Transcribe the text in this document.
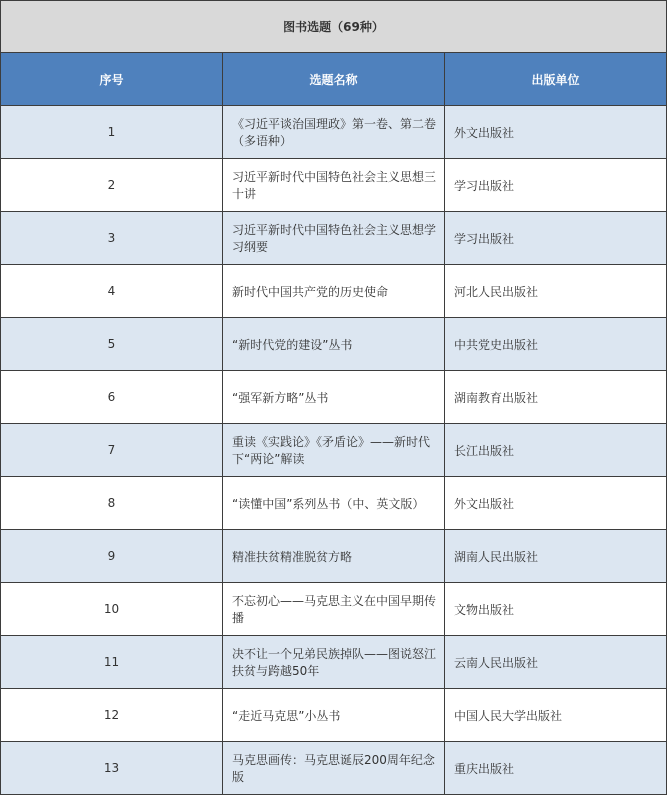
图书选题（69种）		
序号	选题名称	出版单位
1	《习近平谈治国理政》第一卷、第二卷（多语种）	外文出版社
2	习近平新时代中国特色社会主义思想三十讲	学习出版社
3	习近平新时代中国特色社会主义思想学习纲要	学习出版社
4	新时代中国共产党的历史使命	河北人民出版社
5	“新时代党的建设”丛书	中共党史出版社
6	“强军新方略”丛书	湖南教育出版社
7	重读《实践论》《矛盾论》——新时代下“两论”解读	长江出版社
8	“读懂中国”系列丛书（中、英文版）	外文出版社
9	精准扶贫精准脱贫方略	湖南人民出版社
10	不忘初心——马克思主义在中国早期传播	文物出版社
11	决不让一个兄弟民族掉队——图说怒江扶贫与跨越50年	云南人民出版社
12	“走近马克思”小丛书	中国人民大学出版社
13	马克思画传：马克思诞辰200周年纪念版	重庆出版社
